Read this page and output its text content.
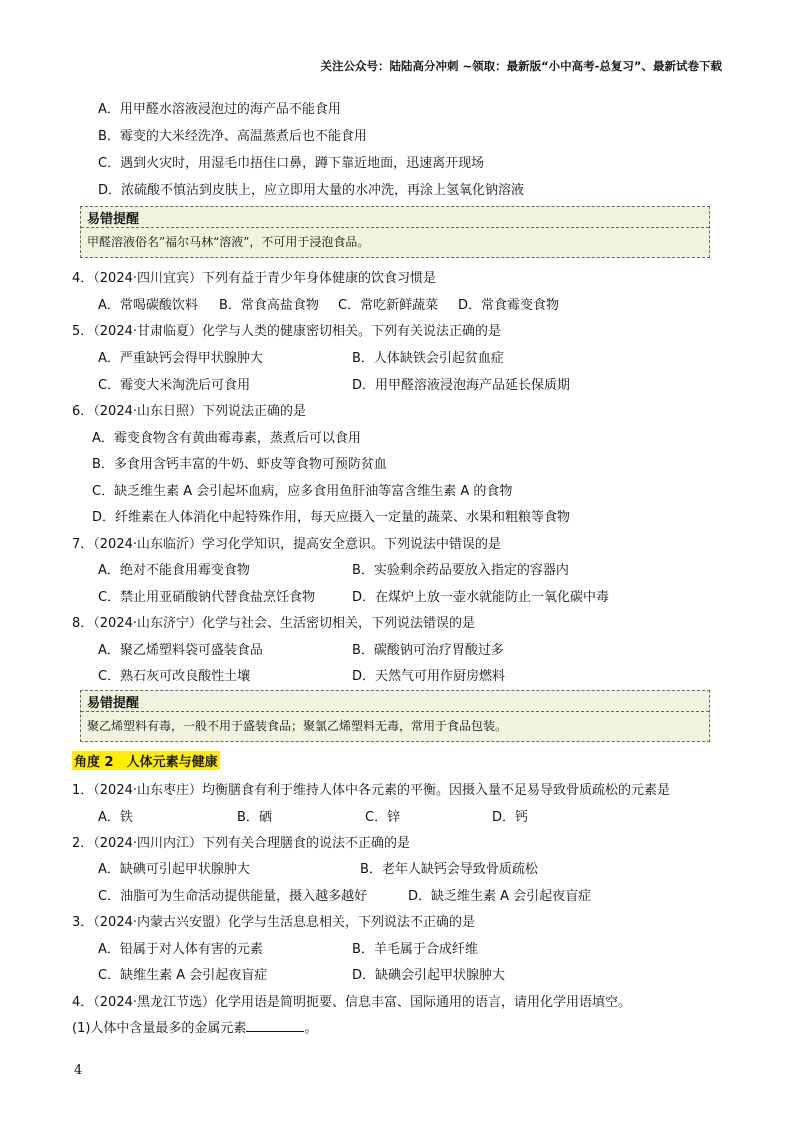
关注公众号：陆陆高分冲刺 ~领取：最新版“小中高考-总复习”、最新试卷下载
A．用甲醛水溶液浸泡过的海产品不能食用
B．霉变的大米经洗净、高温蒸煮后也不能食用
C．遇到火灾时，用湿毛巾捂住口鼻，蹲下靠近地面，迅速离开现场
D．浓硫酸不慎沾到皮肤上，应立即用大量的水冲洗，再涂上氢氧化钠溶液
易错提醒
甲醛溶液俗名”福尔马林“溶液”，不可用于浸泡食品。
4．（2024·四川宜宾）下列有益于青少年身体健康的饮食习惯是
A．常喝碳酸饮料 B．常食高盐食物 C．常吃新鲜蔬菜 D．常食霉变食物
5．（2024·甘肃临夏）化学与人类的健康密切相关。下列有关说法正确的是
A．严重缺钙会得甲状腺肿大	B．人体缺铁会引起贫血症
C．霉变大米淘洗后可食用	D．用甲醛溶液浸泡海产品延长保质期
6．（2024·山东日照）下列说法正确的是
A．霉变食物含有黄曲霉毒素，蒸煮后可以食用
B．多食用含钙丰富的牛奶、虾皮等食物可预防贫血
C．缺乏维生素 A 会引起坏血病，应多食用鱼肝油等富含维生素 A 的食物
D．纤维素在人体消化中起特殊作用，每天应摄入一定量的蔬菜、水果和粗粮等食物
7．（2024·山东临沂）学习化学知识，提高安全意识。下列说法中错误的是
A．绝对不能食用霉变食物	B．实验剩余药品要放入指定的容器内
C．禁止用亚硝酸钠代替食盐烹饪食物	D．在煤炉上放一壶水就能防止一氧化碳中毒
8．（2024·山东济宁）化学与社会、生活密切相关，下列说法错误的是
A．聚乙烯塑料袋可盛装食品	B．碳酸钠可治疗胃酸过多
C．熟石灰可改良酸性土壤	D．天然气可用作厨房燃料
易错提醒
聚乙烯塑料有毒，一般不用于盛装食品；聚氯乙烯塑料无毒，常用于食品包装。
角度 2　人体元素与健康
1．（2024·山东枣庄）均衡膳食有利于维持人体中各元素的平衡。因摄入量不足易导致骨质疏松的元素是
A．铁	B．硒	C．锌	D．钙
2．（2024·四川内江）下列有关合理膳食的说法不正确的是
A．缺碘可引起甲状腺肿大	B．老年人缺钙会导致骨质疏松
C．油脂可为生命活动提供能量，摄入越多越好	D．缺乏维生素 A 会引起夜盲症
3．（2024·内蒙古兴安盟）化学与生活息息相关，下列说法不正确的是
A．铅属于对人体有害的元素	B．羊毛属于合成纤维
C．缺维生素 A 会引起夜盲症	D．缺碘会引起甲状腺肿大
4．（2024·黑龙江节选）化学用语是简明扼要、信息丰富、国际通用的语言，请用化学用语填空。
(1)人体中含量最多的金属元素	。
4
